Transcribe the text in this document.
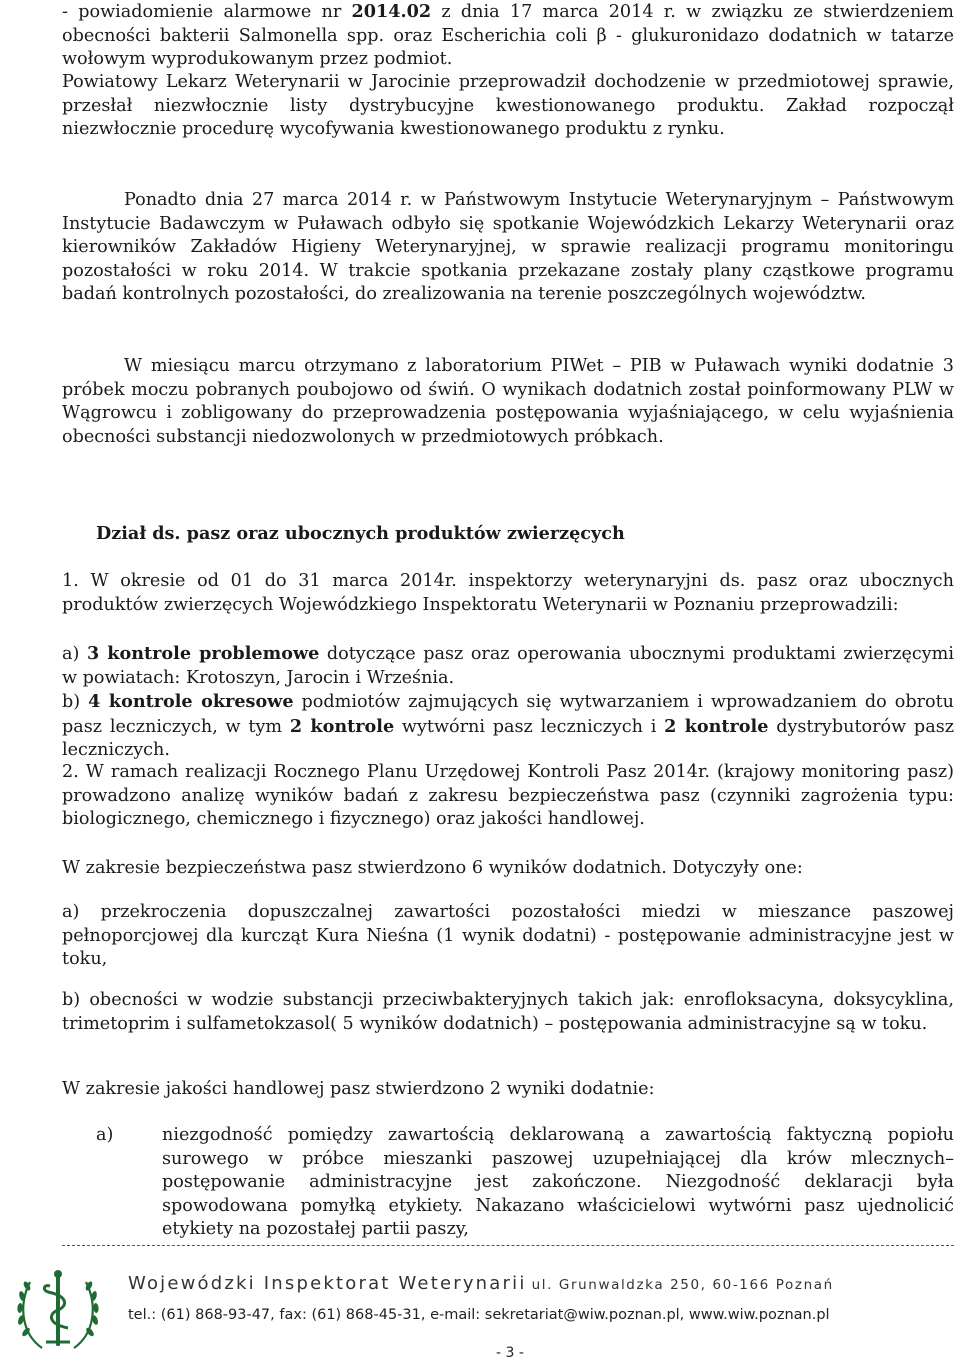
- powiadomienie alarmowe nr 2014.02 z dnia 17 marca 2014 r. w związku ze stwierdzeniem obecności bakterii Salmonella spp. oraz Escherichia coli β - glukuronidazo dodatnich w tatarze wołowym wyprodukowanym przez podmiot.

Powiatowy Lekarz Weterynarii w Jarocinie przeprowadził dochodzenie w przedmiotowej sprawie, przesłał niezwłocznie listy dystrybucyjne kwestionowanego produktu. Zakład rozpoczął niezwłocznie procedurę wycofywania kwestionowanego produktu z rynku.

Ponadto dnia 27 marca 2014 r. w Państwowym Instytucie Weterynaryjnym – Państwowym Instytucie Badawczym w Puławach odbyło się spotkanie Wojewódzkich Lekarzy Weterynarii oraz kierowników Zakładów Higieny Weterynaryjnej, w sprawie realizacji programu monitoringu pozostałości w roku 2014. W trakcie spotkania przekazane zostały plany cząstkowe programu badań kontrolnych pozostałości, do zrealizowania na terenie poszczególnych województw.

W miesiącu marcu otrzymano z laboratorium PIWet – PIB w Puławach wyniki dodatnie 3 próbek moczu pobranych poubojowo od świń. O wynikach dodatnich został poinformowany PLW w Wągrowcu i zobligowany do przeprowadzenia postępowania wyjaśniającego, w celu wyjaśnienia obecności substancji niedozwolonych w przedmiotowych próbkach.

Dział ds. pasz oraz ubocznych produktów zwierzęcych

1. W okresie od 01 do 31 marca 2014r. inspektorzy weterynaryjni ds. pasz oraz ubocznych produktów zwierzęcych Wojewódzkiego Inspektoratu Weterynarii w Poznaniu przeprowadzili:

a) 3 kontrole problemowe dotyczące pasz oraz operowania ubocznymi produktami zwierzęcymi w powiatach: Krotoszyn, Jarocin i Września.

b) 4 kontrole okresowe podmiotów zajmujących się wytwarzaniem i wprowadzaniem do obrotu pasz leczniczych, w tym 2 kontrole wytwórni pasz leczniczych i 2 kontrole dystrybutorów pasz leczniczych.

2. W ramach realizacji Rocznego Planu Urzędowej Kontroli Pasz 2014r. (krajowy monitoring pasz) prowadzono analizę wyników badań z zakresu bezpieczeństwa pasz (czynniki zagrożenia typu: biologicznego, chemicznego i fizycznego) oraz jakości handlowej.

W zakresie bezpieczeństwa pasz stwierdzono 6 wyników dodatnich. Dotyczyły one:

a) przekroczenia dopuszczalnej zawartości pozostałości miedzi w mieszance paszowej pełnoporcjowej dla kurcząt Kura Nieśna (1 wynik dodatni) - postępowanie administracyjne jest w toku,

b) obecności w wodzie substancji przeciwbakteryjnych takich jak: enrofloksacyna, doksycyklina, trimetoprim i sulfametokzasol( 5 wyników dodatnich) – postępowania administracyjne są w toku.

W zakresie jakości handlowej pasz stwierdzono 2 wyniki dodatnie:

a)	niezgodność pomiędzy zawartością deklarowaną a zawartością faktyczną popiołu surowego w próbce mieszanki paszowej uzupełniającej dla krów mlecznych– postępowanie administracyjne jest zakończone. Niezgodność deklaracji była spowodowana pomyłką etykiety. Nakazano właścicielowi wytwórni pasz ujednolicić etykiety na pozostałej partii paszy,

Wojewódzki Inspektorat Weterynarii ul. Grunwaldzka 250, 60-166 Poznań
tel.: (61) 868-93-47, fax: (61) 868-45-31, e-mail: sekretariat@wiw.poznan.pl, www.wiw.poznan.pl
- 3 -
